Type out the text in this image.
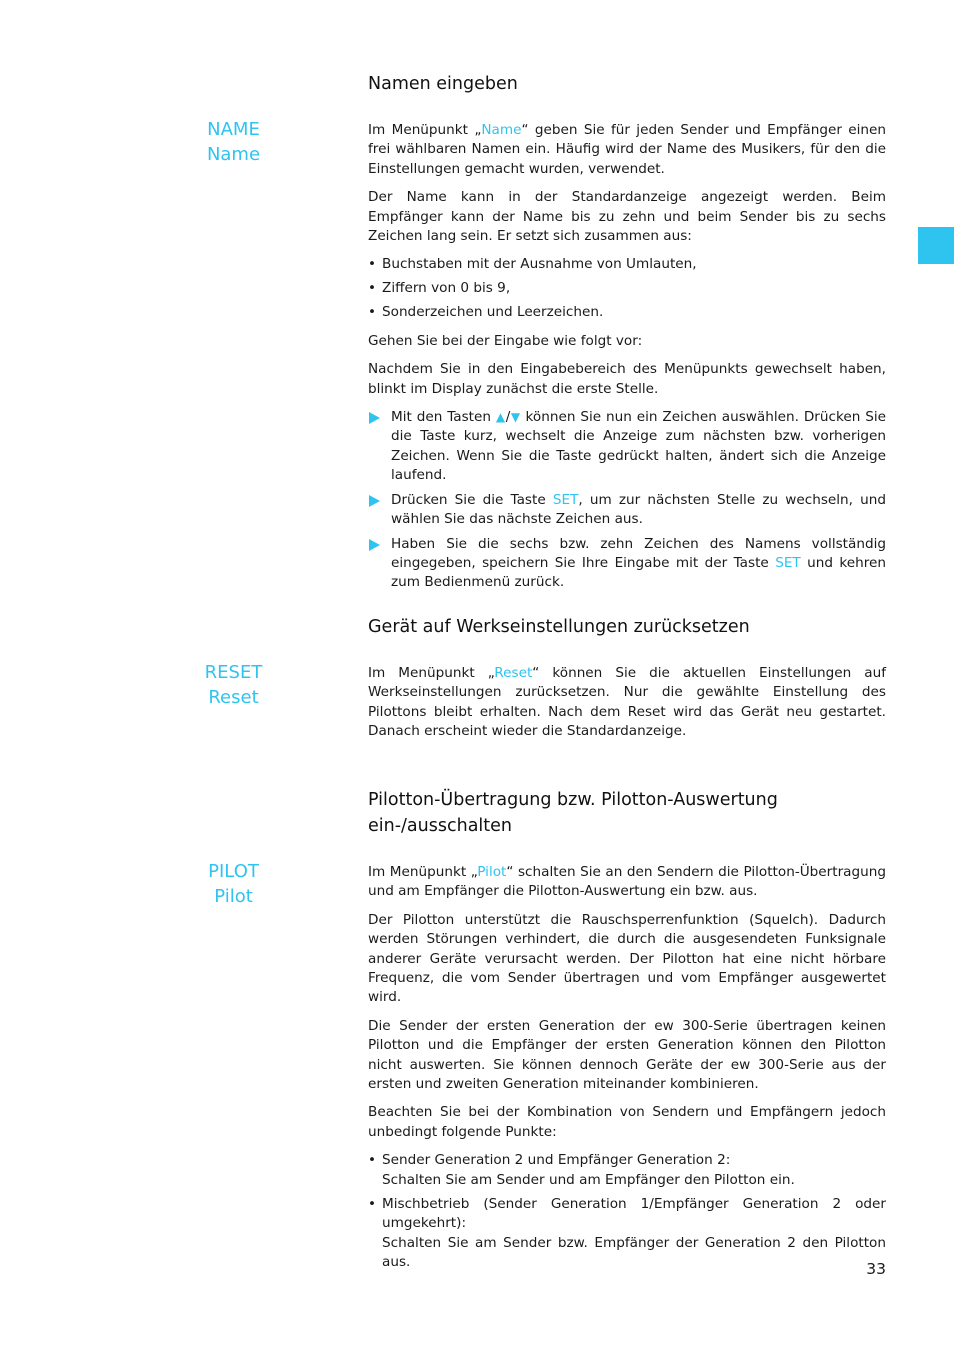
Namen eingeben
NAME
Name

Im Menüpunkt „Name“ geben Sie für jeden Sender und Empfänger einen frei wählbaren Namen ein. Häufig wird der Name des Musikers, für den die Einstellungen gemacht wurden, verwendet.

Der Name kann in der Standardanzeige angezeigt werden. Beim Empfänger kann der Name bis zu zehn und beim Sender bis zu sechs Zeichen lang sein. Er setzt sich zusammen aus:

• Buchstaben mit der Ausnahme von Umlauten,
• Ziffern von 0 bis 9,
• Sonderzeichen und Leerzeichen.

Gehen Sie bei der Eingabe wie folgt vor:

Nachdem Sie in den Eingabebereich des Menüpunkts gewechselt haben, blinkt im Display zunächst die erste Stelle.

Mit den Tasten ▲/▼ können Sie nun ein Zeichen auswählen. Drücken Sie die Taste kurz, wechselt die Anzeige zum nächsten bzw. vorherigen Zeichen. Wenn Sie die Taste gedrückt halten, ändert sich die Anzeige laufend.
Drücken Sie die Taste SET, um zur nächsten Stelle zu wechseln, und wählen Sie das nächste Zeichen aus.
Haben Sie die sechs bzw. zehn Zeichen des Namens vollständig eingegeben, speichern Sie Ihre Eingabe mit der Taste SET und kehren zum Bedienmenü zurück.
Gerät auf Werkseinstellungen zurücksetzen
RESET
Reset

Im Menüpunkt „Reset“ können Sie die aktuellen Einstellungen auf Werkseinstellungen zurücksetzen. Nur die gewählte Einstellung des Pilottons bleibt erhalten. Nach dem Reset wird das Gerät neu gestartet. Danach erscheint wieder die Standardanzeige.

Pilotton-Übertragung bzw. Pilotton-Auswertung
ein-/ausschalten
PILOT
Pilot

Im Menüpunkt „Pilot“ schalten Sie an den Sendern die Pilotton-Übertragung und am Empfänger die Pilotton-Auswertung ein bzw. aus.

Der Pilotton unterstützt die Rauschsperrenfunktion (Squelch). Dadurch werden Störungen verhindert, die durch die ausgesendeten Funksignale anderer Geräte verursacht werden. Der Pilotton hat eine nicht hörbare Frequenz, die vom Sender übertragen und vom Empfänger ausgewertet wird.

Die Sender der ersten Generation der ew 300-Serie übertragen keinen Pilotton und die Empfänger der ersten Generation können den Pilotton nicht auswerten. Sie können dennoch Geräte der ew 300-Serie aus der ersten und zweiten Generation miteinander kombinieren.

Beachten Sie bei der Kombination von Sendern und Empfängern jedoch unbedingt folgende Punkte:

• Sender Generation 2 und Empfänger Generation 2:
Schalten Sie am Sender und am Empfänger den Pilotton ein.
• Mischbetrieb (Sender Generation 1/Empfänger Generation 2 oder umgekehrt):
Schalten Sie am Sender bzw. Empfänger der Generation 2 den Pilotton aus.	33
